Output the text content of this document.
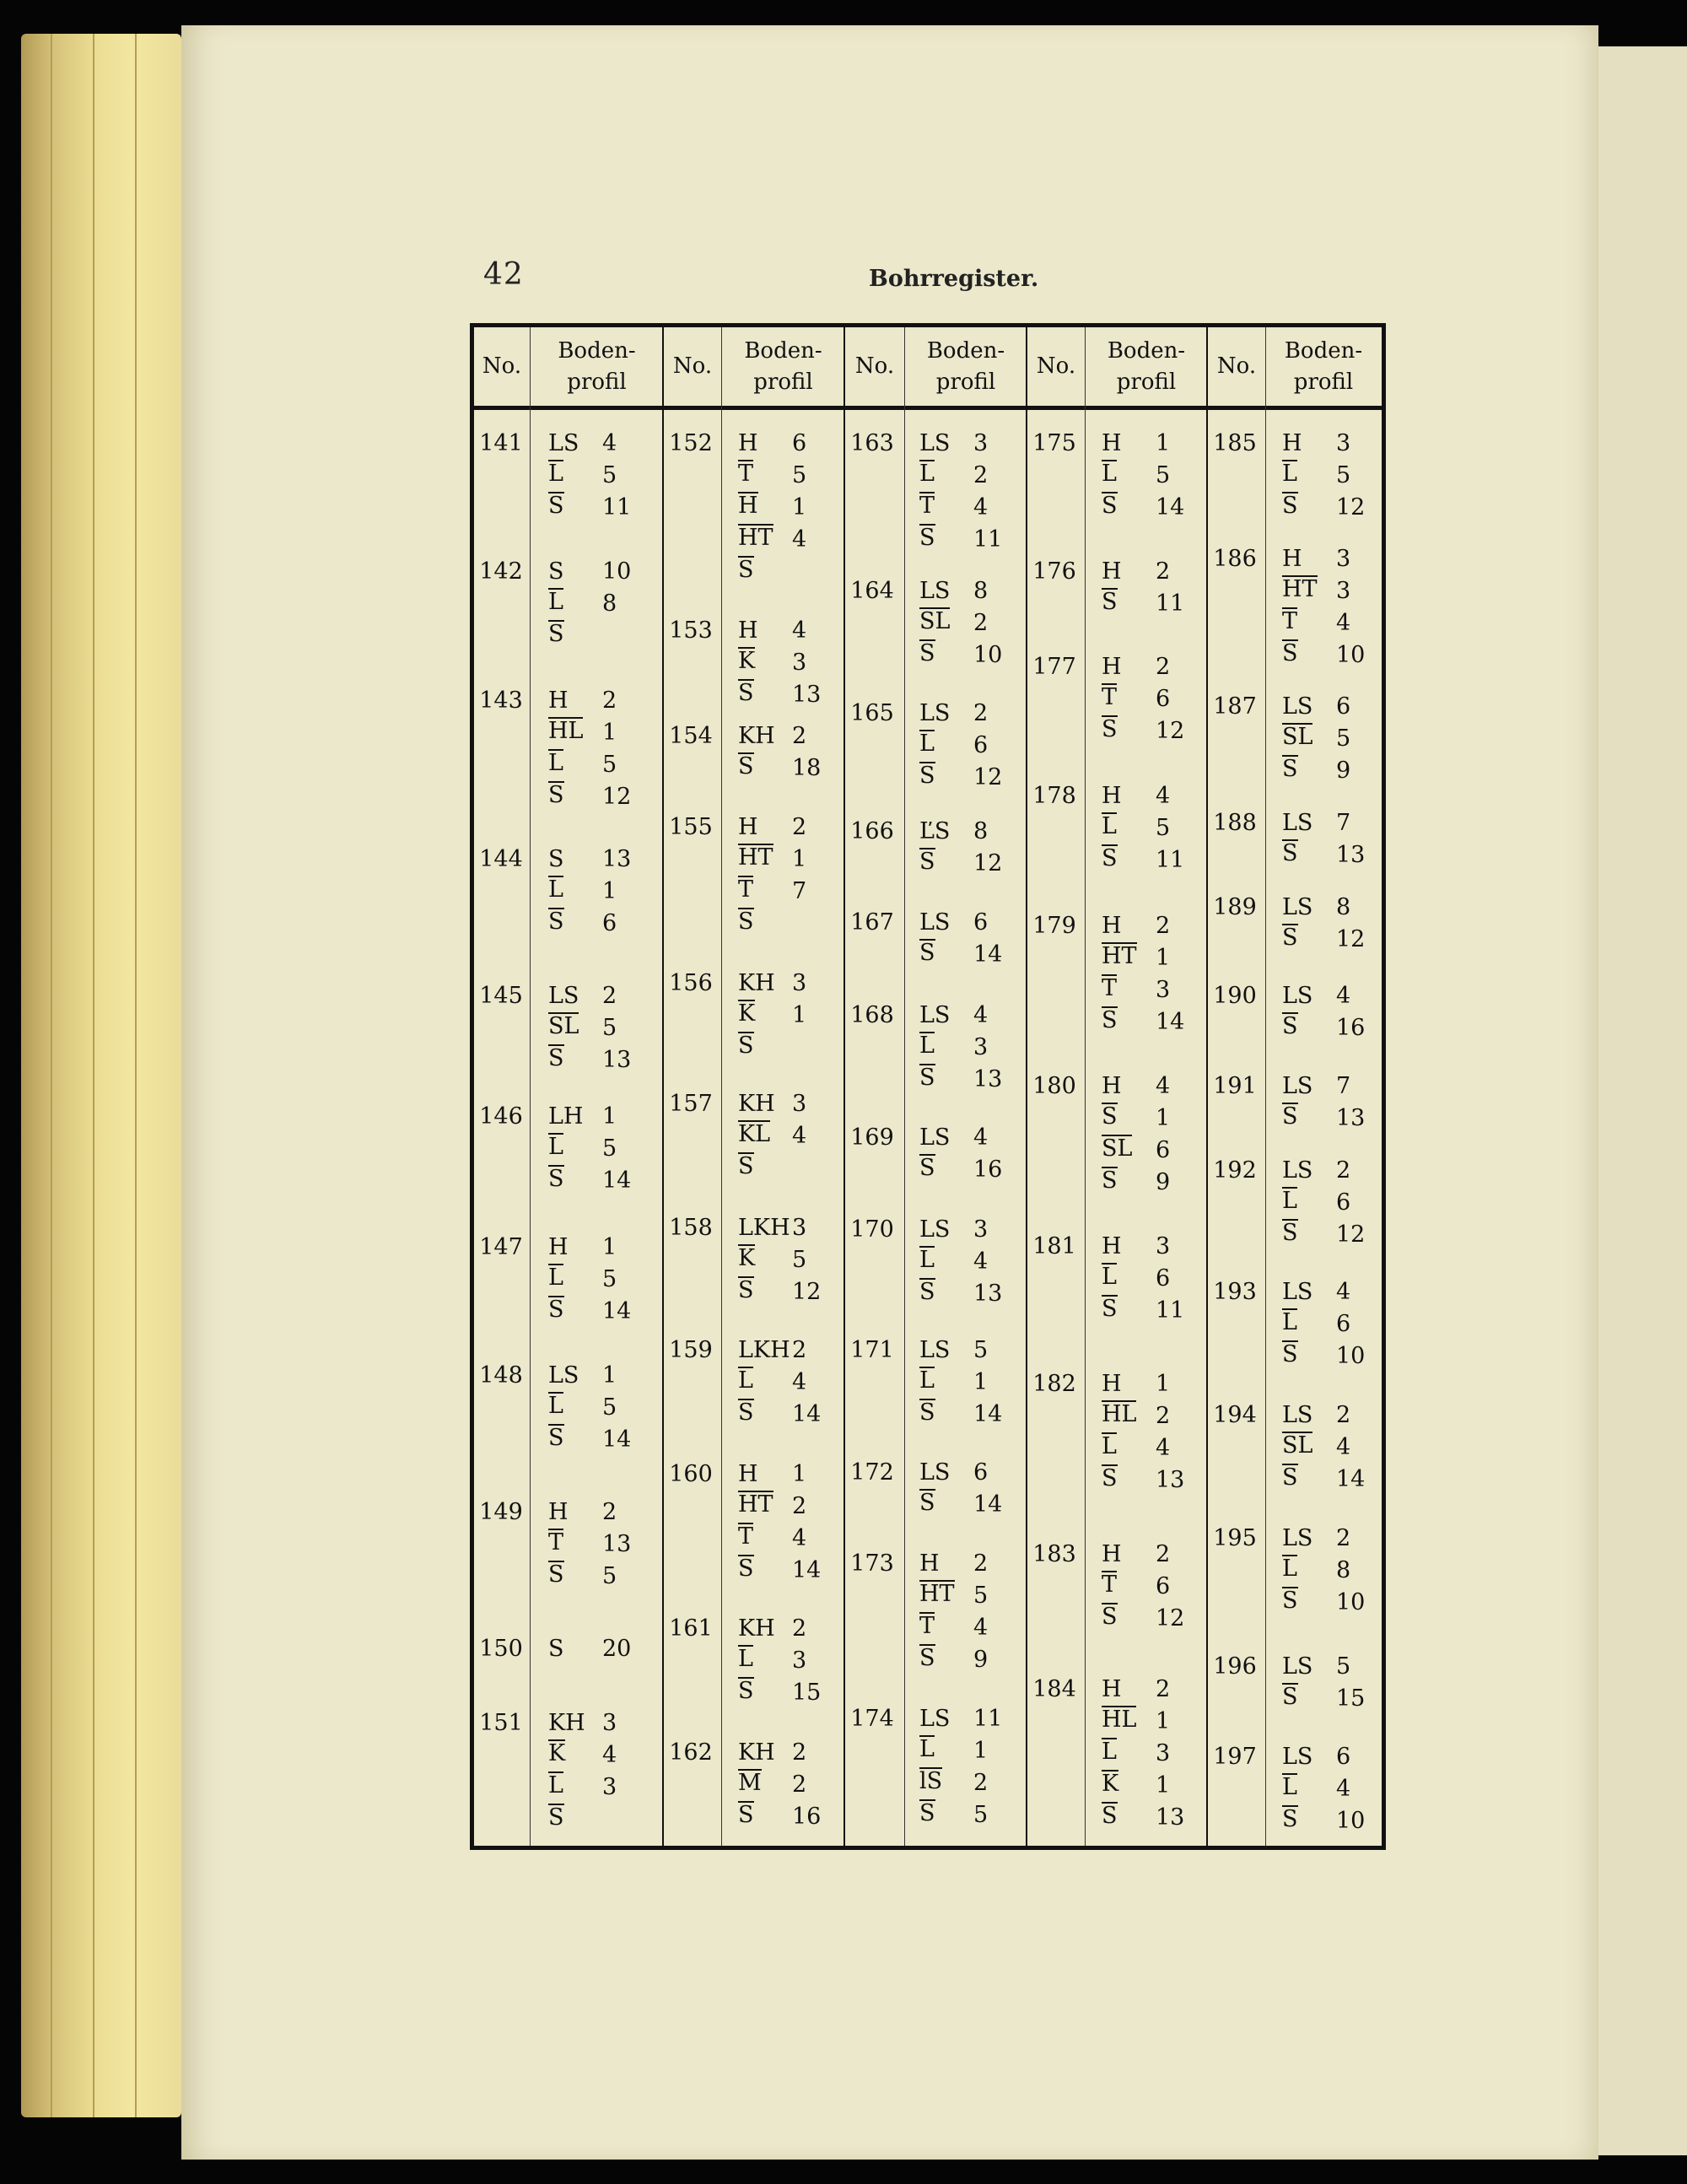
42	Bohrregister.
No.
Boden-
profil
No.
Boden-
profil
No.
Boden-
profil
No.
Boden-
profil
No.
Boden-
profil
141 LS 4
L 5
S 11
142 S 10
L 8
S
143 H 2
HL 1
L 5
S 12
144 S 13
L 1
S 6
145 LS 2
SL 5
S 13
146 LH 1
L 5
S 14
147 H 1
L 5
S 14
148 LS 1
L 5
S 14
149 H 2
T 13
S 5
150 S 20
151 KH 3
K 4
L 3
S
152 H 6
T 5
H 1
HT 4
S
153 H 4
K 3
S 13
154 KH 2
S 18
155 H 2
HT 1
T 7
S
156 KH 3
K 1
S
157 KH 3
KL 4
S
158 LKH 3
K 5
S 12
159 LKH 2
L 4
S 14
160 H 1
HT 2
T 4
S 14
161 KH 2
L 3
S 15
162 KH 2
M 2
S 16
163 LS 3
L 2
T 4
S 11
164 LS 8
SL 2
S 10
165 LS 2
L 6
S 12
166 ĽS 8
S 12
167 LS 6
S 14
168 LS 4
L 3
S 13
169 LS 4
S 16
170 LS 3
L 4
S 13
171 LS 5
L 1
S 14
172 LS 6
S 14
173 H 2
HT 5
T 4
S 9
174 LS 11
L 1
lS 2
S 5
175 H 1
L 5
S 14
176 H 2
S 11
177 H 2
T 6
S 12
178 H 4
L 5
S 11
179 H 2
HT 1
T 3
S 14
180 H 4
S 1
SL 6
S 9
181 H 3
L 6
S 11
182 H 1
HL 2
L 4
S 13
183 H 2
T 6
S 12
184 H 2
HL 1
L 3
K 1
S 13
185 H 3
L 5
S 12
186 H 3
HT 3
T 4
S 10
187 LS 6
SL 5
S 9
188 LS 7
S 13
189 LS 8
S 12
190 LS 4
S 16
191 LS 7
S 13
192 LS 2
L 6
S 12
193 LS 4
L 6
S 10
194 LS 2
SL 4
S 14
195 LS 2
L 8
S 10
196 LS 5
S 15
197 LS 6
L 4
S 10
